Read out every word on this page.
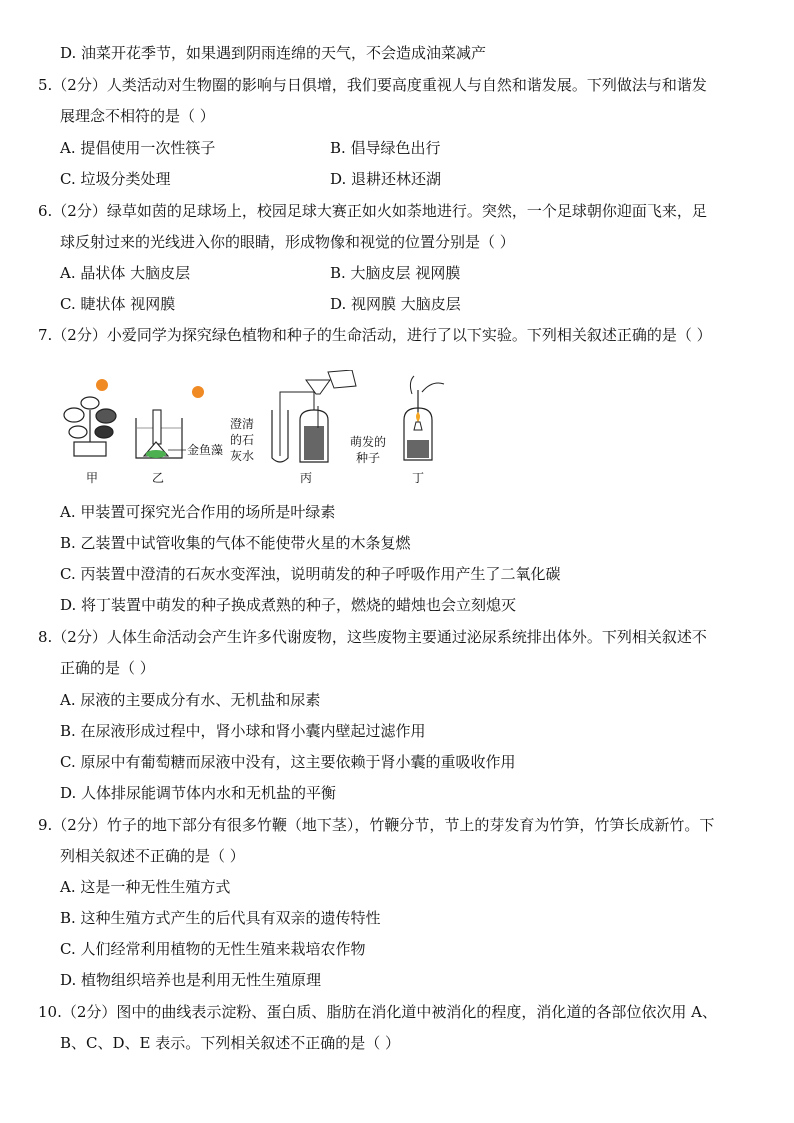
D. 油菜开花季节，如果遇到阴雨连绵的天气，不会造成油菜减产
5.（2分）人类活动对生物圈的影响与日俱增，我们要高度重视人与自然和谐发展。下列做法与和谐发
展理念不相符的是（ ）
A. 提倡使用一次性筷子	B. 倡导绿色出行
C. 垃圾分类处理	D. 退耕还林还湖
6.（2分）绿草如茵的足球场上，校园足球大赛正如火如荼地进行。突然，一个足球朝你迎面飞来，足
球反射过来的光线进入你的眼睛，形成物像和视觉的位置分别是（ ）
A. 晶状体 大脑皮层	B. 大脑皮层 视网膜
C. 睫状体 视网膜	D. 视网膜 大脑皮层
7.（2分）小爱同学为探究绿色植物和种子的生命活动，进行了以下实验。下列相关叙述正确的是（ ）
甲
金鱼藻
乙
澄清
的石
灰水
丙
萌发的
种子
丁
A. 甲装置可探究光合作用的场所是叶绿素
B. 乙装置中试管收集的气体不能使带火星的木条复燃
C. 丙装置中澄清的石灰水变浑浊，说明萌发的种子呼吸作用产生了二氧化碳
D. 将丁装置中萌发的种子换成煮熟的种子，燃烧的蜡烛也会立刻熄灭
8.（2分）人体生命活动会产生许多代谢废物，这些废物主要通过泌尿系统排出体外。下列相关叙述不
正确的是（ ）
A. 尿液的主要成分有水、无机盐和尿素
B. 在尿液形成过程中，肾小球和肾小囊内壁起过滤作用
C. 原尿中有葡萄糖而尿液中没有，这主要依赖于肾小囊的重吸收作用
D. 人体排尿能调节体内水和无机盐的平衡
9.（2分）竹子的地下部分有很多竹鞭（地下茎），竹鞭分节，节上的芽发育为竹笋，竹笋长成新竹。下
列相关叙述不正确的是（ ）
A. 这是一种无性生殖方式
B. 这种生殖方式产生的后代具有双亲的遗传特性
C. 人们经常利用植物的无性生殖来栽培农作物
D. 植物组织培养也是利用无性生殖原理
10.（2分）图中的曲线表示淀粉、蛋白质、脂肪在消化道中被消化的程度，消化道的各部位依次用 A、
B、C、D、E 表示。下列相关叙述不正确的是（ ）
